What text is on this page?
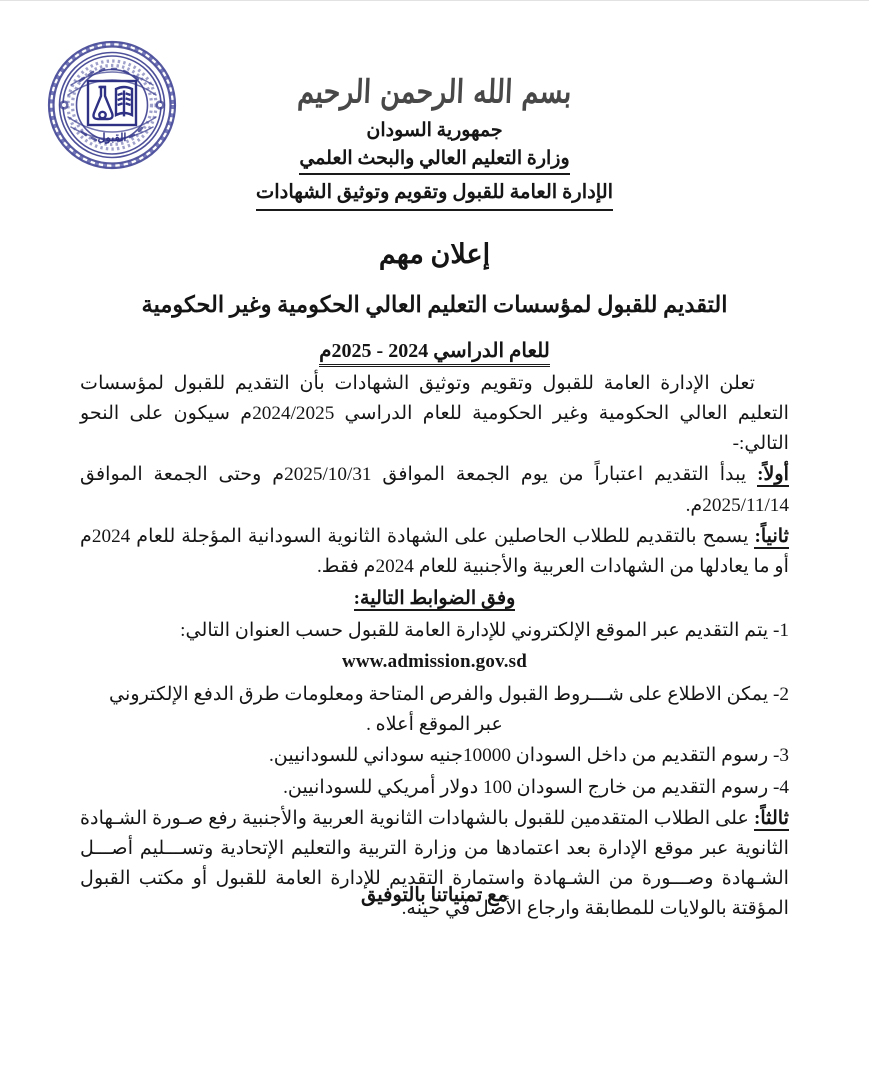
القبول
بسم الله الرحمن الرحيم
جمهورية السودان
وزارة التعليم العالي والبحث العلمي
الإدارة العامة للقبول وتقويم وتوثيق الشهادات
إعلان مهم
التقديم للقبول لمؤسسات التعليم العالي الحكومية وغير الحكومية
للعام الدراسي 2024 - 2025م

تعلن الإدارة العامة للقبول وتقويم وتوثيق الشهادات بأن التقديم للقبول لمؤسسات التعليم العالي الحكومية وغير الحكومية للعام الدراسي 2024/2025م سيكون على النحو التالي:-

أولاً: يبدأ التقديم اعتباراً من يوم الجمعة الموافق 2025/10/31م وحتى الجمعة الموافق 2025/11/14م.

ثانياً: يسمح بالتقديم للطلاب الحاصلين على الشهادة الثانوية السودانية المؤجلة للعام 2024م أو ما يعادلها من الشهادات العربية والأجنبية للعام 2024م فقط.

وفق الضوابط التالية:
1- يتم التقديم عبر الموقع الإلكتروني للإدارة العامة للقبول حسب العنوان التالي:
www.admission.gov.sd
2- يمكن الاطلاع على شـــروط القبول والفرص المتاحة ومعلومات طرق الدفع الإلكتروني
عبر الموقع أعلاه .
3- رسوم التقديم من داخل السودان 10000جنيه سوداني للسودانيين.
4- رسوم التقديم من خارج السودان 100 دولار أمريكي للسودانيين.

ثالثاً: على الطلاب المتقدمين للقبول بالشهادات الثانوية العربية والأجنبية رفع صـورة الشـهادة الثانوية عبر موقع الإدارة بعد اعتمادها من وزارة التربية والتعليم الإتحادية وتســـليم أصـــل الشـهادة وصـــورة من الشـهادة واستمارة التقديم للإدارة العامة للقبول أو مكتب القبول المؤقتة بالولايات للمطابقة وارجاع الأصل في حينه.

مع تمنياتنا بالتوفيق
